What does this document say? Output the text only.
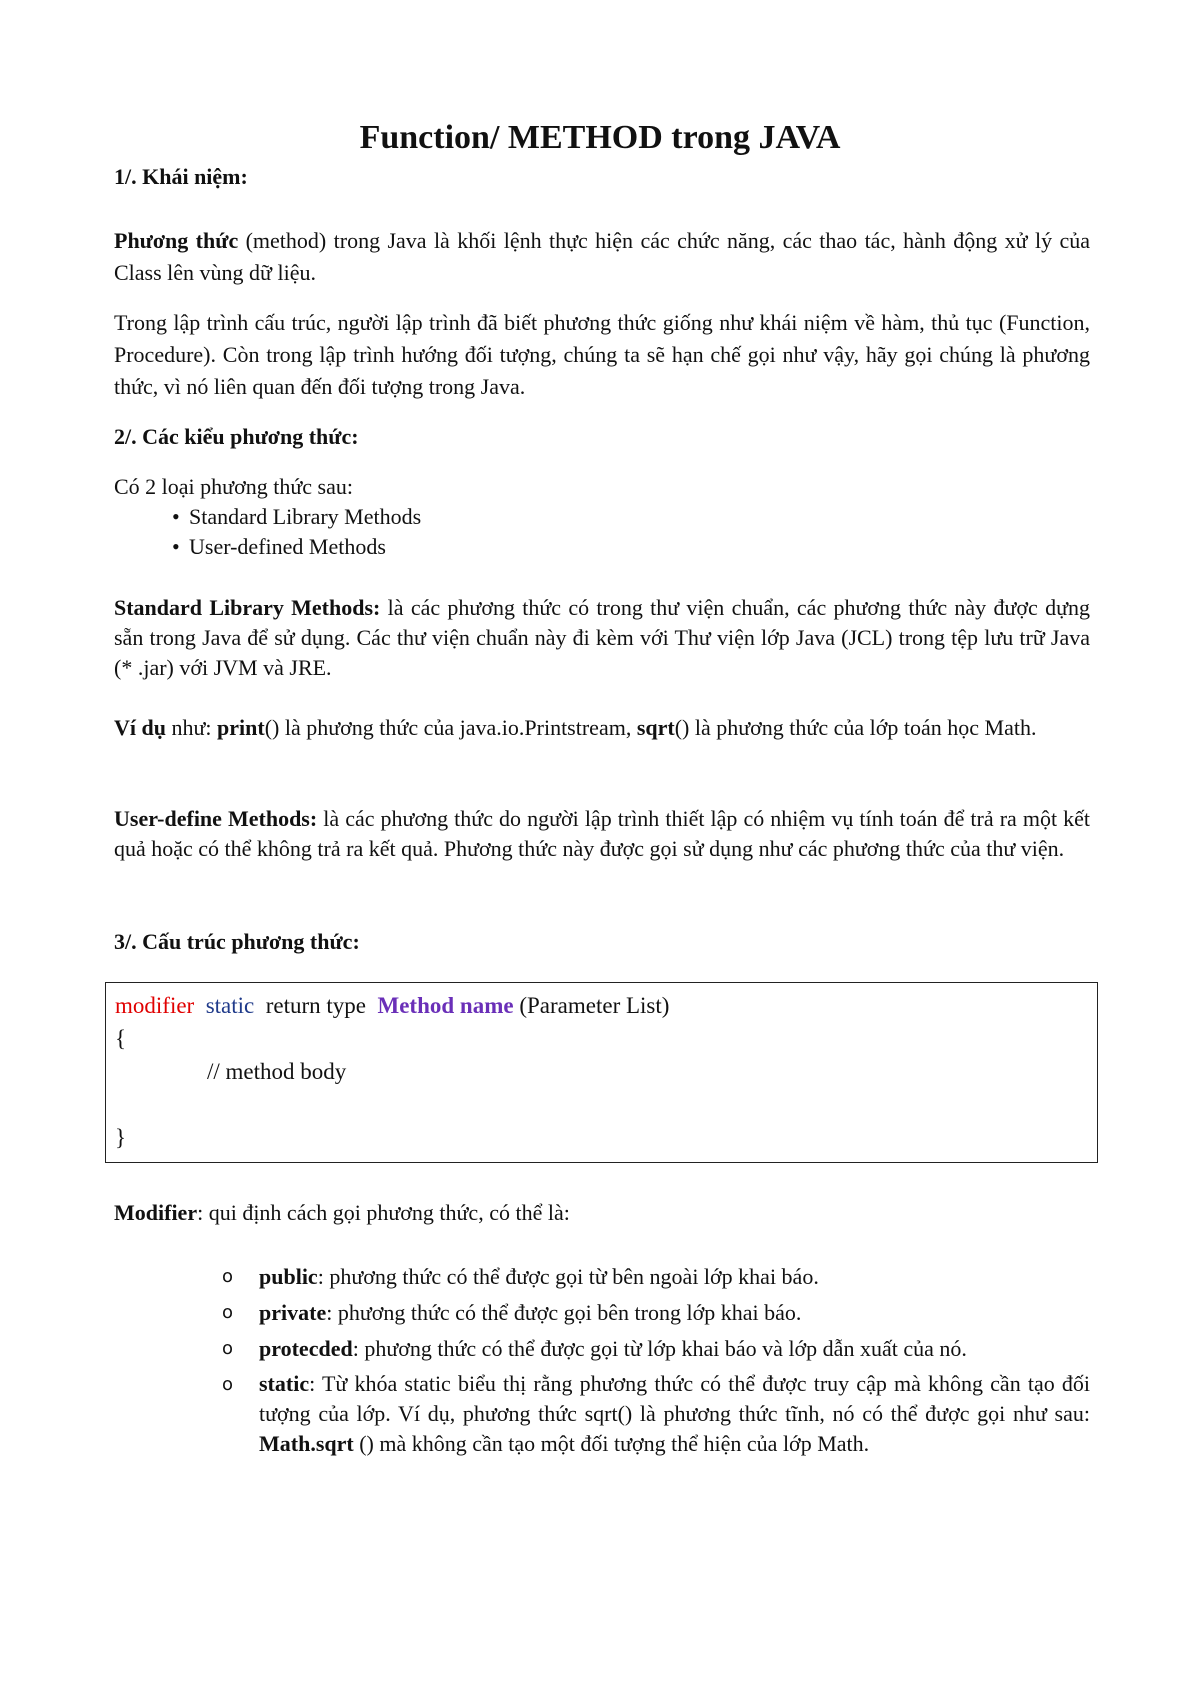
Function/ METHOD trong JAVA
1/. Khái niệm:

Phương thức (method) trong Java là khối lệnh thực hiện các chức năng, các thao tác, hành động xử lý của Class lên vùng dữ liệu.

Trong lập trình cấu trúc, người lập trình đã biết phương thức giống như khái niệm về hàm, thủ tục (Function, Procedure). Còn trong lập trình hướng đối tượng, chúng ta sẽ hạn chế gọi như vậy, hãy gọi chúng là phương thức, vì nó liên quan đến đối tượng trong Java.

2/. Các kiểu phương thức:

Có 2 loại phương thức sau:

• Standard Library Methods
• User-defined Methods

Standard Library Methods: là các phương thức có trong thư viện chuẩn, các phương thức này được dựng sẵn trong Java để sử dụng. Các thư viện chuẩn này đi kèm với Thư viện lớp Java (JCL) trong tệp lưu trữ Java (* .jar) với JVM và JRE.

Ví dụ như: print() là phương thức của java.io.Printstream, sqrt() là phương thức của lớp toán học Math.

User-define Methods: là các phương thức do người lập trình thiết lập có nhiệm vụ tính toán để trả ra một kết quả hoặc có thể không trả ra kết quả. Phương thức này được gọi sử dụng như các phương thức của thư viện.

3/. Cấu trúc phương thức:
modifier static return type Method name (Parameter List)
{
// method body
}

Modifier: qui định cách gọi phương thức, có thể là:

o	public: phương thức có thể được gọi từ bên ngoài lớp khai báo.
o	private: phương thức có thể được gọi bên trong lớp khai báo.
o	protecded: phương thức có thể được gọi từ lớp khai báo và lớp dẫn xuất của nó.
o	static: Từ khóa static biểu thị rằng phương thức có thể được truy cập mà không cần tạo đối tượng của lớp. Ví dụ, phương thức sqrt() là phương thức tĩnh, nó có thể được gọi như sau: Math.sqrt () mà không cần tạo một đối tượng thể hiện của lớp Math.
